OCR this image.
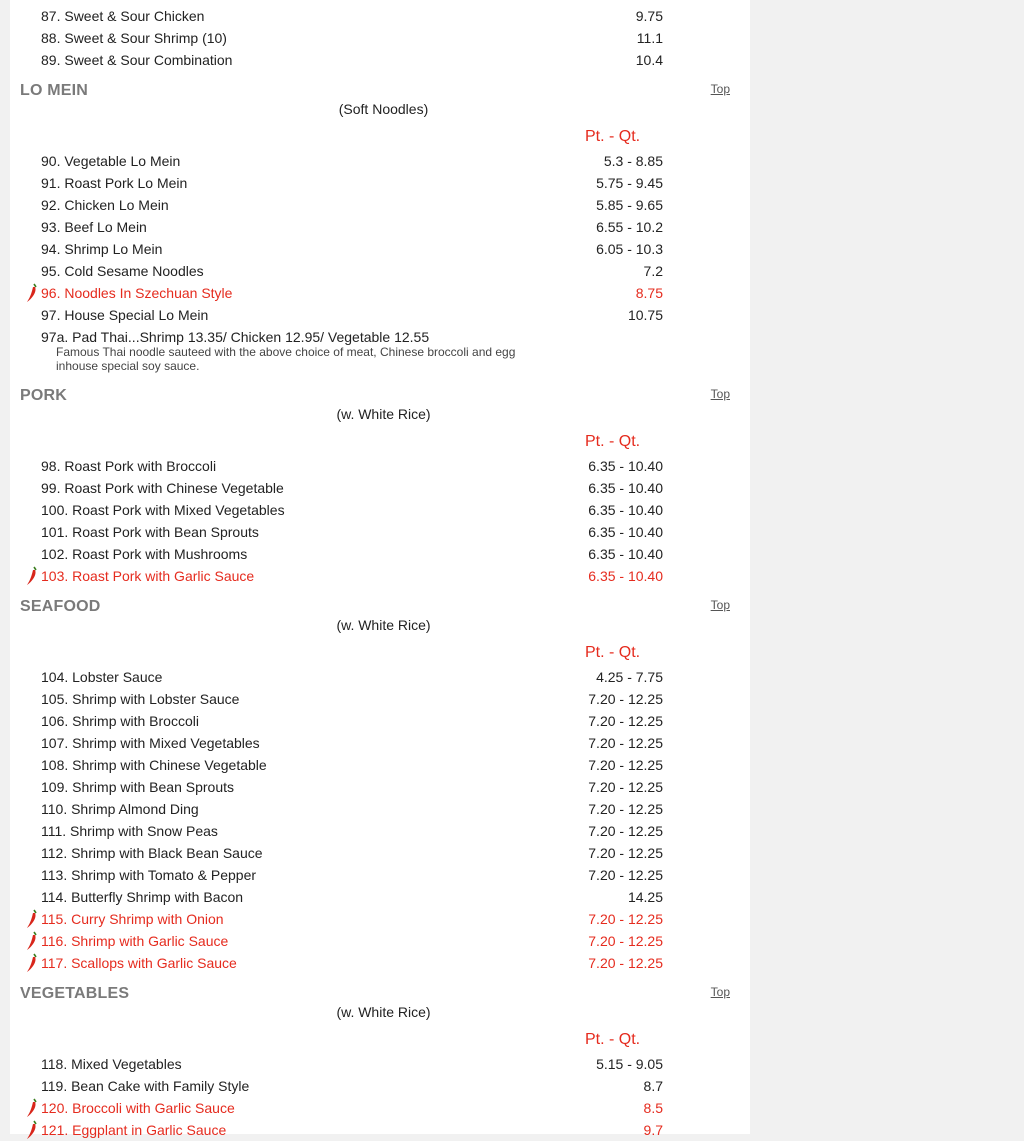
87. Sweet & Sour Chicken	9.75
88. Sweet & Sour Shrimp (10)	11.1
89. Sweet & Sour Combination	10.4
LO MEIN	Top
(Soft Noodles)
Pt. - Qt.
90. Vegetable Lo Mein	5.3 - 8.85
91. Roast Pork Lo Mein	5.75 - 9.45
92. Chicken Lo Mein	5.85 - 9.65
93. Beef Lo Mein	6.55 - 10.2
94. Shrimp Lo Mein	6.05 - 10.3
95. Cold Sesame Noodles	7.2
96. Noodles In Szechuan Style	8.75
97. House Special Lo Mein	10.75
97a. Pad Thai...Shrimp 13.35/ Chicken 12.95/ Vegetable 12.55
Famous Thai noodle sauteed with the above choice of meat, Chinese broccoli and egg inhouse special soy sauce.
PORK	Top
(w. White Rice)
Pt. - Qt.
98. Roast Pork with Broccoli	6.35 - 10.40
99. Roast Pork with Chinese Vegetable	6.35 - 10.40
100. Roast Pork with Mixed Vegetables	6.35 - 10.40
101. Roast Pork with Bean Sprouts	6.35 - 10.40
102. Roast Pork with Mushrooms	6.35 - 10.40
103. Roast Pork with Garlic Sauce	6.35 - 10.40
SEAFOOD	Top
(w. White Rice)
Pt. - Qt.
104. Lobster Sauce	4.25 - 7.75
105. Shrimp with Lobster Sauce	7.20 - 12.25
106. Shrimp with Broccoli	7.20 - 12.25
107. Shrimp with Mixed Vegetables	7.20 - 12.25
108. Shrimp with Chinese Vegetable	7.20 - 12.25
109. Shrimp with Bean Sprouts	7.20 - 12.25
110. Shrimp Almond Ding	7.20 - 12.25
111. Shrimp with Snow Peas	7.20 - 12.25
112. Shrimp with Black Bean Sauce	7.20 - 12.25
113. Shrimp with Tomato & Pepper	7.20 - 12.25
114. Butterfly Shrimp with Bacon	14.25
115. Curry Shrimp with Onion	7.20 - 12.25
116. Shrimp with Garlic Sauce	7.20 - 12.25
117. Scallops with Garlic Sauce	7.20 - 12.25
VEGETABLES	Top
(w. White Rice)
Pt. - Qt.
118. Mixed Vegetables	5.15 - 9.05
119. Bean Cake with Family Style	8.7
120. Broccoli with Garlic Sauce	8.5
121. Eggplant in Garlic Sauce	9.7
